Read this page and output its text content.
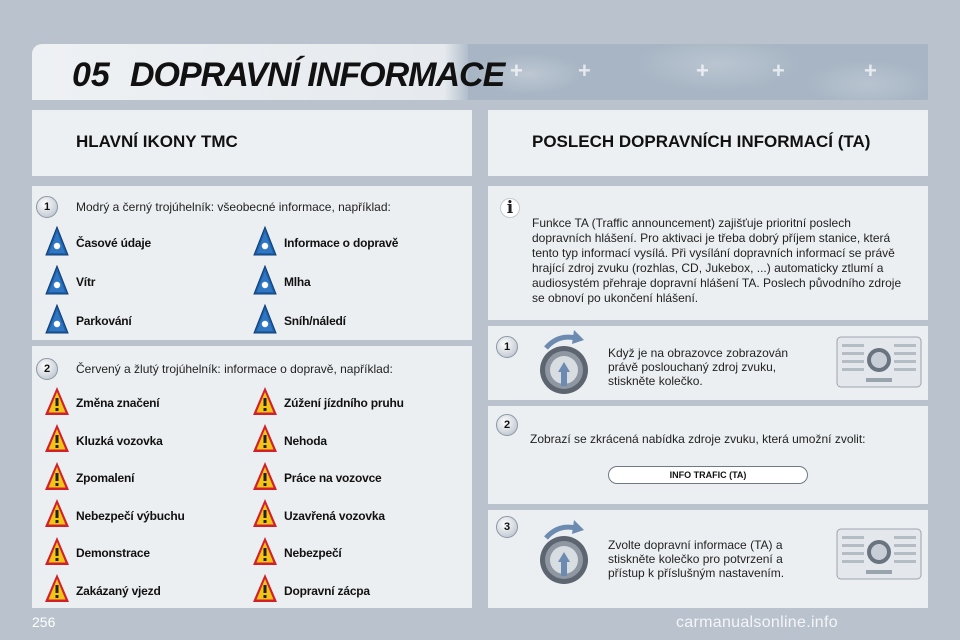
+	+	+	+	+
05 DOPRAVNÍ INFORMACE
HLAVNÍ IKONY TMC	POSLECH DOPRAVNÍCH INFORMACÍ (TA)
1	Modrý a černý trojúhelník: všeobecné informace, například:
Časové údaje	Informace o dopravě
Vítr	Mlha
Parkování	Sníh/náledí
2	Červený a žlutý trojúhelník: informace o dopravě, například:
Změna značení	Zúžení jízdního pruhu
Kluzká vozovka	Nehoda
Zpomalení	Práce na vozovce
Nebezpečí výbuchu	Uzavřená vozovka
Demonstrace	Nebezpečí
Zakázaný vjezd	Dopravní zácpa
i
Funkce TA (Traffic announcement) zajišťuje prioritní poslech dopravních hlášení. Pro aktivaci je třeba dobrý příjem stanice, která tento typ informací vysílá. Při vysílání dopravních informací se právě hrající zdroj zvuku (rozhlas, CD, Jukebox, ...) automaticky ztlumí a audiosystém přehraje dopravní hlášení TA. Poslech původního zdroje se obnoví po ukončení hlášení.
1	Když je na obrazovce zobrazován právě poslouchaný zdroj zvuku, stiskněte kolečko.
2
Zobrazí se zkrácená nabídka zdroje zvuku, která umožní zvolit:
INFO TRAFIC (TA)
3
Zvolte dopravní informace (TA) a stiskněte kolečko pro potvrzení a přístup k příslušným nastavením.
256	carmanualsonline.info
